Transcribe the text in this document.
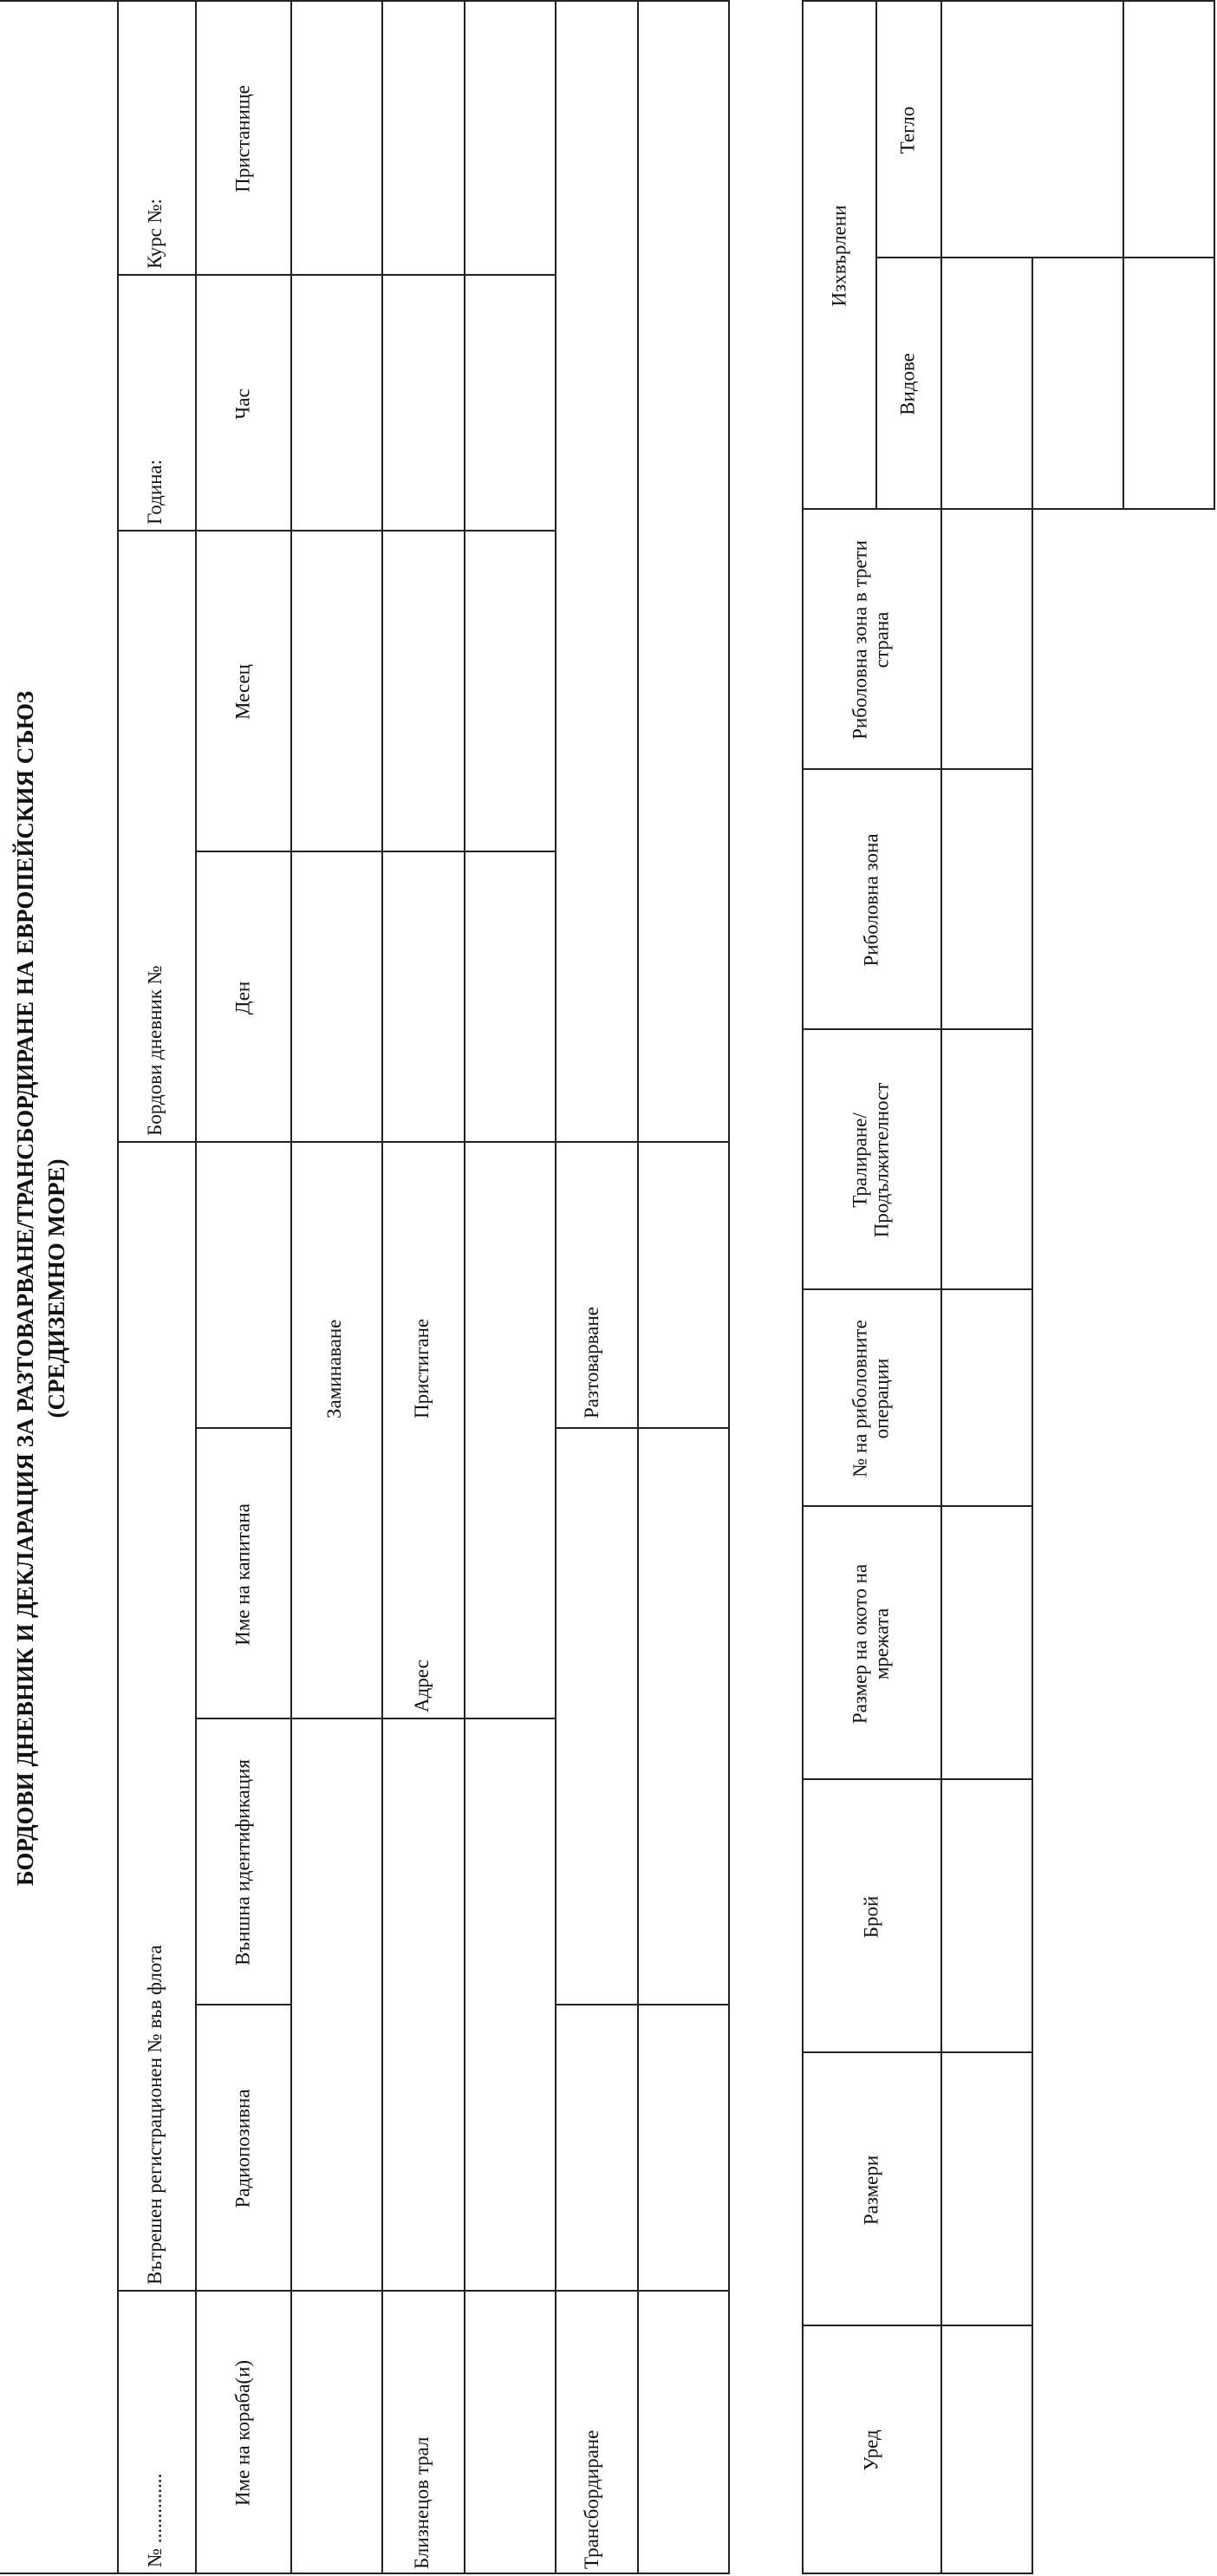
БОРДОВИ ДНЕВНИК И ДЕКЛАРАЦИЯ ЗА РАЗТОВАРВАНЕ/ТРАНСБОРДИРАНЕ НА ЕВРОПЕЙСКИЯ СЪЮЗ (СРЕДИЗЕМНО МОРЕ)
№ ..............
Вътрешен регистрационен № във флота
Бордови дневник №
Година:
Курс №:
Име на кораба(и)
Радиопозивна
Външна идентификация
Име на капитана
Ден
Месец
Час
Пристанище
Заминаване
Близнецов трал
Адрес
Пристигане
Трансбордиране
Разтоварване
Уред
Размери
Брой
Размер на окото на мрежата
№ на риболовните операции
Тралиране/ Продължителност
Риболовна зона
Риболовна зона в трети страна
Изхвърлени
Видове
Тегло
